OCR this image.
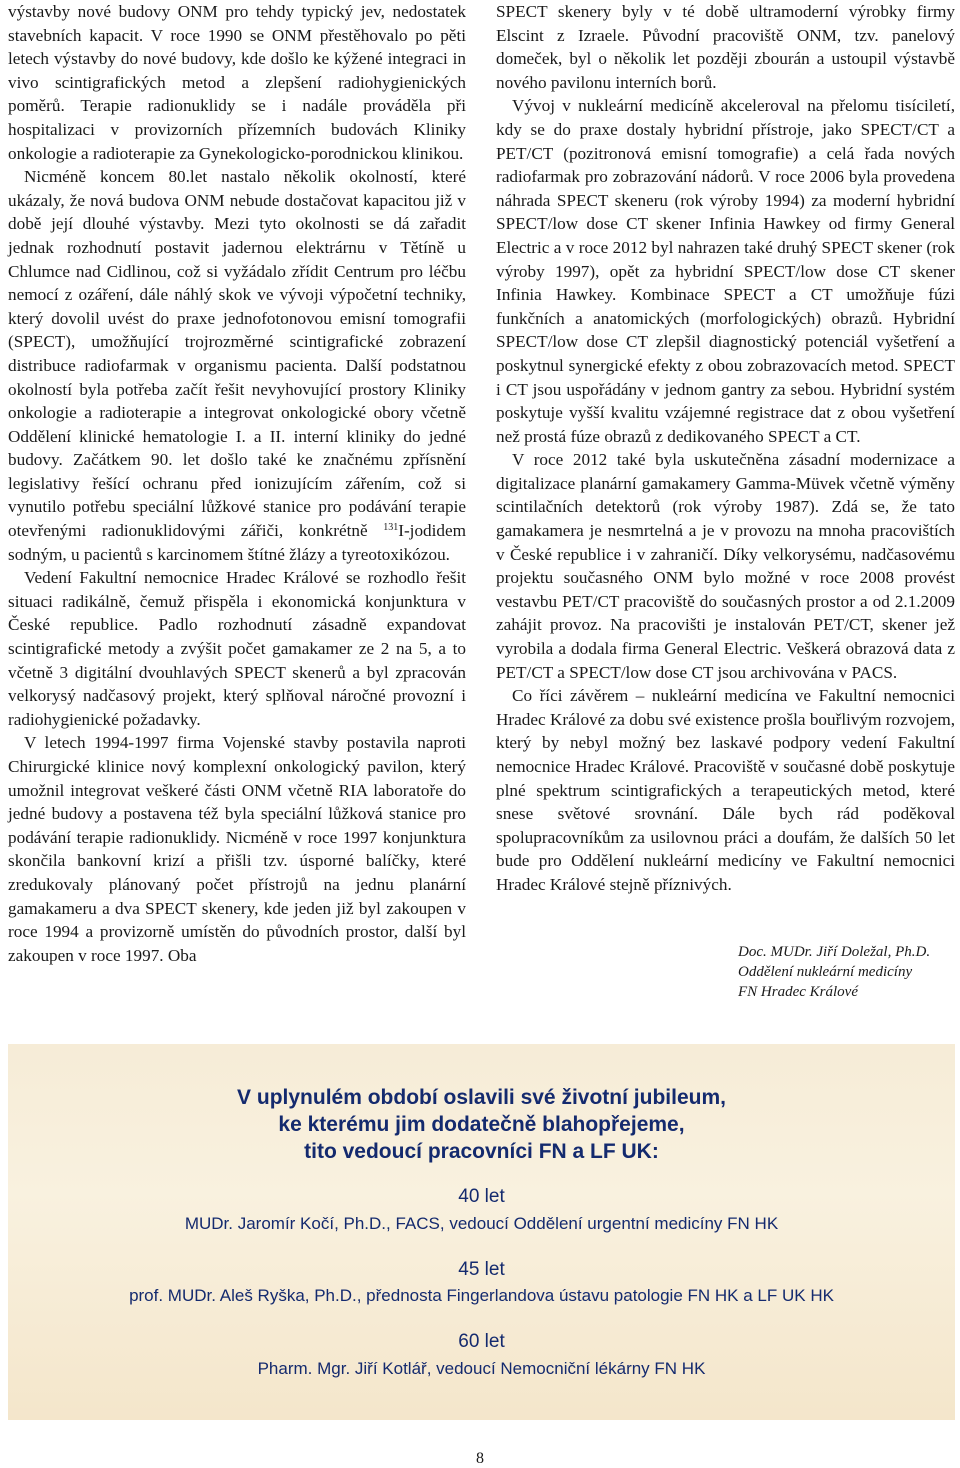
výstavby nové budovy ONM pro tehdy typický jev, nedostatek stavebních kapacit. V roce 1990 se ONM přestěhovalo po pěti letech výstavby do nové budovy, kde došlo ke kýžené integraci in vivo scintigrafických metod a zlepšení radiohygienických poměrů. Terapie radionuklidy se i nadále prováděla při hospitalizaci v provizorních přízemních budovách Kliniky onkologie a radioterapie za Gynekologicko-porodnickou klinikou.

Nicméně koncem 80.let nastalo několik okolností, které ukázaly, že nová budova ONM nebude dostačovat kapacitou již v době její dlouhé výstavby. Mezi tyto okolnosti se dá zařadit jednak rozhodnutí postavit jadernou elektrárnu v Tětíně u Chlumce nad Cidlinou, což si vyžádalo zřídit Centrum pro léčbu nemocí z ozáření, dále náhlý skok ve vývoji výpočetní techniky, který dovolil uvést do praxe jednofotonovou emisní tomografii (SPECT), umožňující trojrozměrné scintigrafické zobrazení distribuce radiofarmak v organismu pacienta. Další podstatnou okolností byla potřeba začít řešit nevyhovující prostory Kliniky onkologie a radioterapie a integrovat onkologické obory včetně Oddělení klinické hematologie I. a II. interní kliniky do jedné budovy. Začátkem 90. let došlo také ke značnému zpřísnění legislativy řešící ochranu před ionizujícím zářením, což si vynutilo potřebu speciální lůžkové stanice pro podávání terapie otevřenými radionuklidovými zářiči, konkrétně $^{131}$I-jodidem sodným, u pacientů s karcinomem štítné žlázy a tyreotoxikózou.

Vedení Fakultní nemocnice Hradec Králové se rozhodlo řešit situaci radikálně, čemuž přispěla i ekonomická konjunktura v České republice. Padlo rozhodnutí zásadně expandovat scintigrafické metody a zvýšit počet gamakamer ze 2 na 5, a to včetně 3 digitální dvouhlavých SPECT skenerů a byl zpracován velkorysý nadčasový projekt, který splňoval náročné provozní i radiohygienické požadavky.

V letech 1994-1997 firma Vojenské stavby postavila naproti Chirurgické klinice nový komplexní onkologický pavilon, který umožnil integrovat veškeré části ONM včetně RIA laboratoře do jedné budovy a postavena též byla speciální lůžková stanice pro podávání terapie radionuklidy. Nicméně v roce 1997 konjunktura skončila bankovní krizí a přišli tzv. úsporné balíčky, které zredukovaly plánovaný počet přístrojů na jednu planární gamakameru a dva SPECT skenery, kde jeden již byl zakoupen v roce 1994 a provizorně umístěn do původních prostor, další byl zakoupen v roce 1997. Oba

SPECT skenery byly v té době ultramoderní výrobky firmy Elscint z Izraele. Původní pracoviště ONM, tzv. panelový domeček, byl o několik let později zbourán a ustoupil výstavbě nového pavilonu interních borů.

Vývoj v nukleární medicíně akceleroval na přelomu tisíciletí, kdy se do praxe dostaly hybridní přístroje, jako SPECT/CT a PET/CT (pozitronová emisní tomografie) a celá řada nových radiofarmak pro zobrazování nádorů. V roce 2006 byla provedena náhrada SPECT skeneru (rok výroby 1994) za moderní hybridní SPECT/low dose CT skener Infinia Hawkey od firmy General Electric a v roce 2012 byl nahrazen také druhý SPECT skener (rok výroby 1997), opět za hybridní SPECT/low dose CT skener Infinia Hawkey. Kombinace SPECT a CT umožňuje fúzi funkčních a anatomických (morfologických) obrazů. Hybridní SPECT/low dose CT zlepšil diagnostický potenciál vyšetření a poskytnul synergické efekty z obou zobrazovacích metod. SPECT i CT jsou uspořádány v jednom gantry za sebou. Hybridní systém poskytuje vyšší kvalitu vzájemné registrace dat z obou vyšetření než prostá fúze obrazů z dedikovaného SPECT a CT.

V roce 2012 také byla uskutečněna zásadní modernizace a digitalizace planární gamakamery Gamma-Müvek včetně výměny scintilačních detektorů (rok výroby 1987). Zdá se, že tato gamakamera je nesmrtelná a je v provozu na mnoha pracovištích v České republice i v zahraničí. Díky velkorysému, nadčasovému projektu současného ONM bylo možné v roce 2008 provést vestavbu PET/CT pracoviště do současných prostor a od 2.1.2009 zahájit provoz. Na pracovišti je instalován PET/CT, skener jež vyrobila a dodala firma General Electric. Veškerá obrazová data z PET/CT a SPECT/low dose CT jsou archivována v PACS.

Co říci závěrem – nukleární medicína ve Fakultní nemocnici Hradec Králové za dobu své existence prošla bouřlivým rozvojem, který by nebyl možný bez laskavé podpory vedení Fakultní nemocnice Hradec Králové. Pracoviště v současné době poskytuje plné spektrum scintigrafických a terapeutických metod, které snese světové srovnání. Dále bych rád poděkoval spolupracovníkům za usilovnou práci a doufám, že dalších 50 let bude pro Oddělení nukleární medicíny ve Fakultní nemocnici Hradec Králové stejně příznivých.

Doc. MUDr. Jiří Doležal, Ph.D.
Oddělení nukleární medicíny
FN Hradec Králové
V uplynulém období oslavili své životní jubileum,
ke kterému jim dodatečně blahopřejeme,
tito vedoucí pracovníci FN a LF UK:
40 let
MUDr. Jaromír Kočí, Ph.D., FACS, vedoucí Oddělení urgentní medicíny FN HK
45 let
prof. MUDr. Aleš Ryška, Ph.D., přednosta Fingerlandova ústavu patologie FN HK a LF UK HK
60 let
Pharm. Mgr. Jiří Kotlář, vedoucí Nemocniční lékárny FN HK
8
